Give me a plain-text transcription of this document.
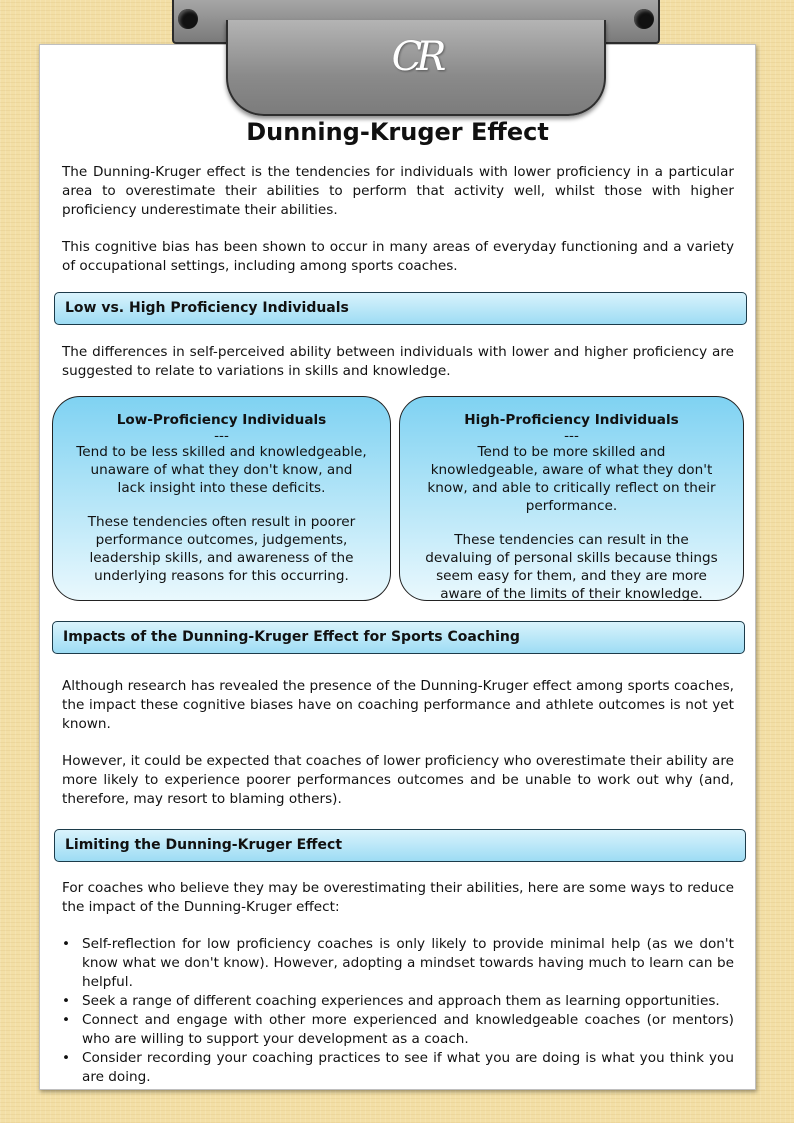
CR
Dunning-Kruger Effect

The Dunning-Kruger effect is the tendencies for individuals with lower proficiency in a particular area to overestimate their abilities to perform that activity well, whilst those with higher proficiency underestimate their abilities.

This cognitive bias has been shown to occur in many areas of everyday functioning and a variety of occupational settings, including among sports coaches.

Low vs. High Proficiency Individuals

The differences in self-perceived ability between individuals with lower and higher proficiency are suggested to relate to variations in skills and knowledge.

Low-Proficiency Individuals
---
Tend to be less skilled and knowledgeable, unaware of what they don't know, and lack insight into these deficits.
These tendencies often result in poorer performance outcomes, judgements, leadership skills, and awareness of the underlying reasons for this occurring.
High-Proficiency Individuals
---
Tend to be more skilled and knowledgeable, aware of what they don't know, and able to critically reflect on their performance.
These tendencies can result in the devaluing of personal skills because things seem easy for them, and they are more aware of the limits of their knowledge.
Impacts of the Dunning-Kruger Effect for Sports Coaching

Although research has revealed the presence of the Dunning-Kruger effect among sports coaches, the impact these cognitive biases have on coaching performance and athlete outcomes is not yet known.

However, it could be expected that coaches of lower proficiency who overestimate their ability are more likely to experience poorer performances outcomes and be unable to work out why (and, therefore, may resort to blaming others).

Limiting the Dunning-Kruger Effect

For coaches who believe they may be overestimating their abilities, here are some ways to reduce the impact of the Dunning-Kruger effect:

• Self-reflection for low proficiency coaches is only likely to provide minimal help (as we don't know what we don't know). However, adopting a mindset towards having much to learn can be helpful.
• Seek a range of different coaching experiences and approach them as learning opportunities.
• Connect and engage with other more experienced and knowledgeable coaches (or mentors) who are willing to support your development as a coach.
• Consider recording your coaching practices to see if what you are doing is what you think you are doing.
